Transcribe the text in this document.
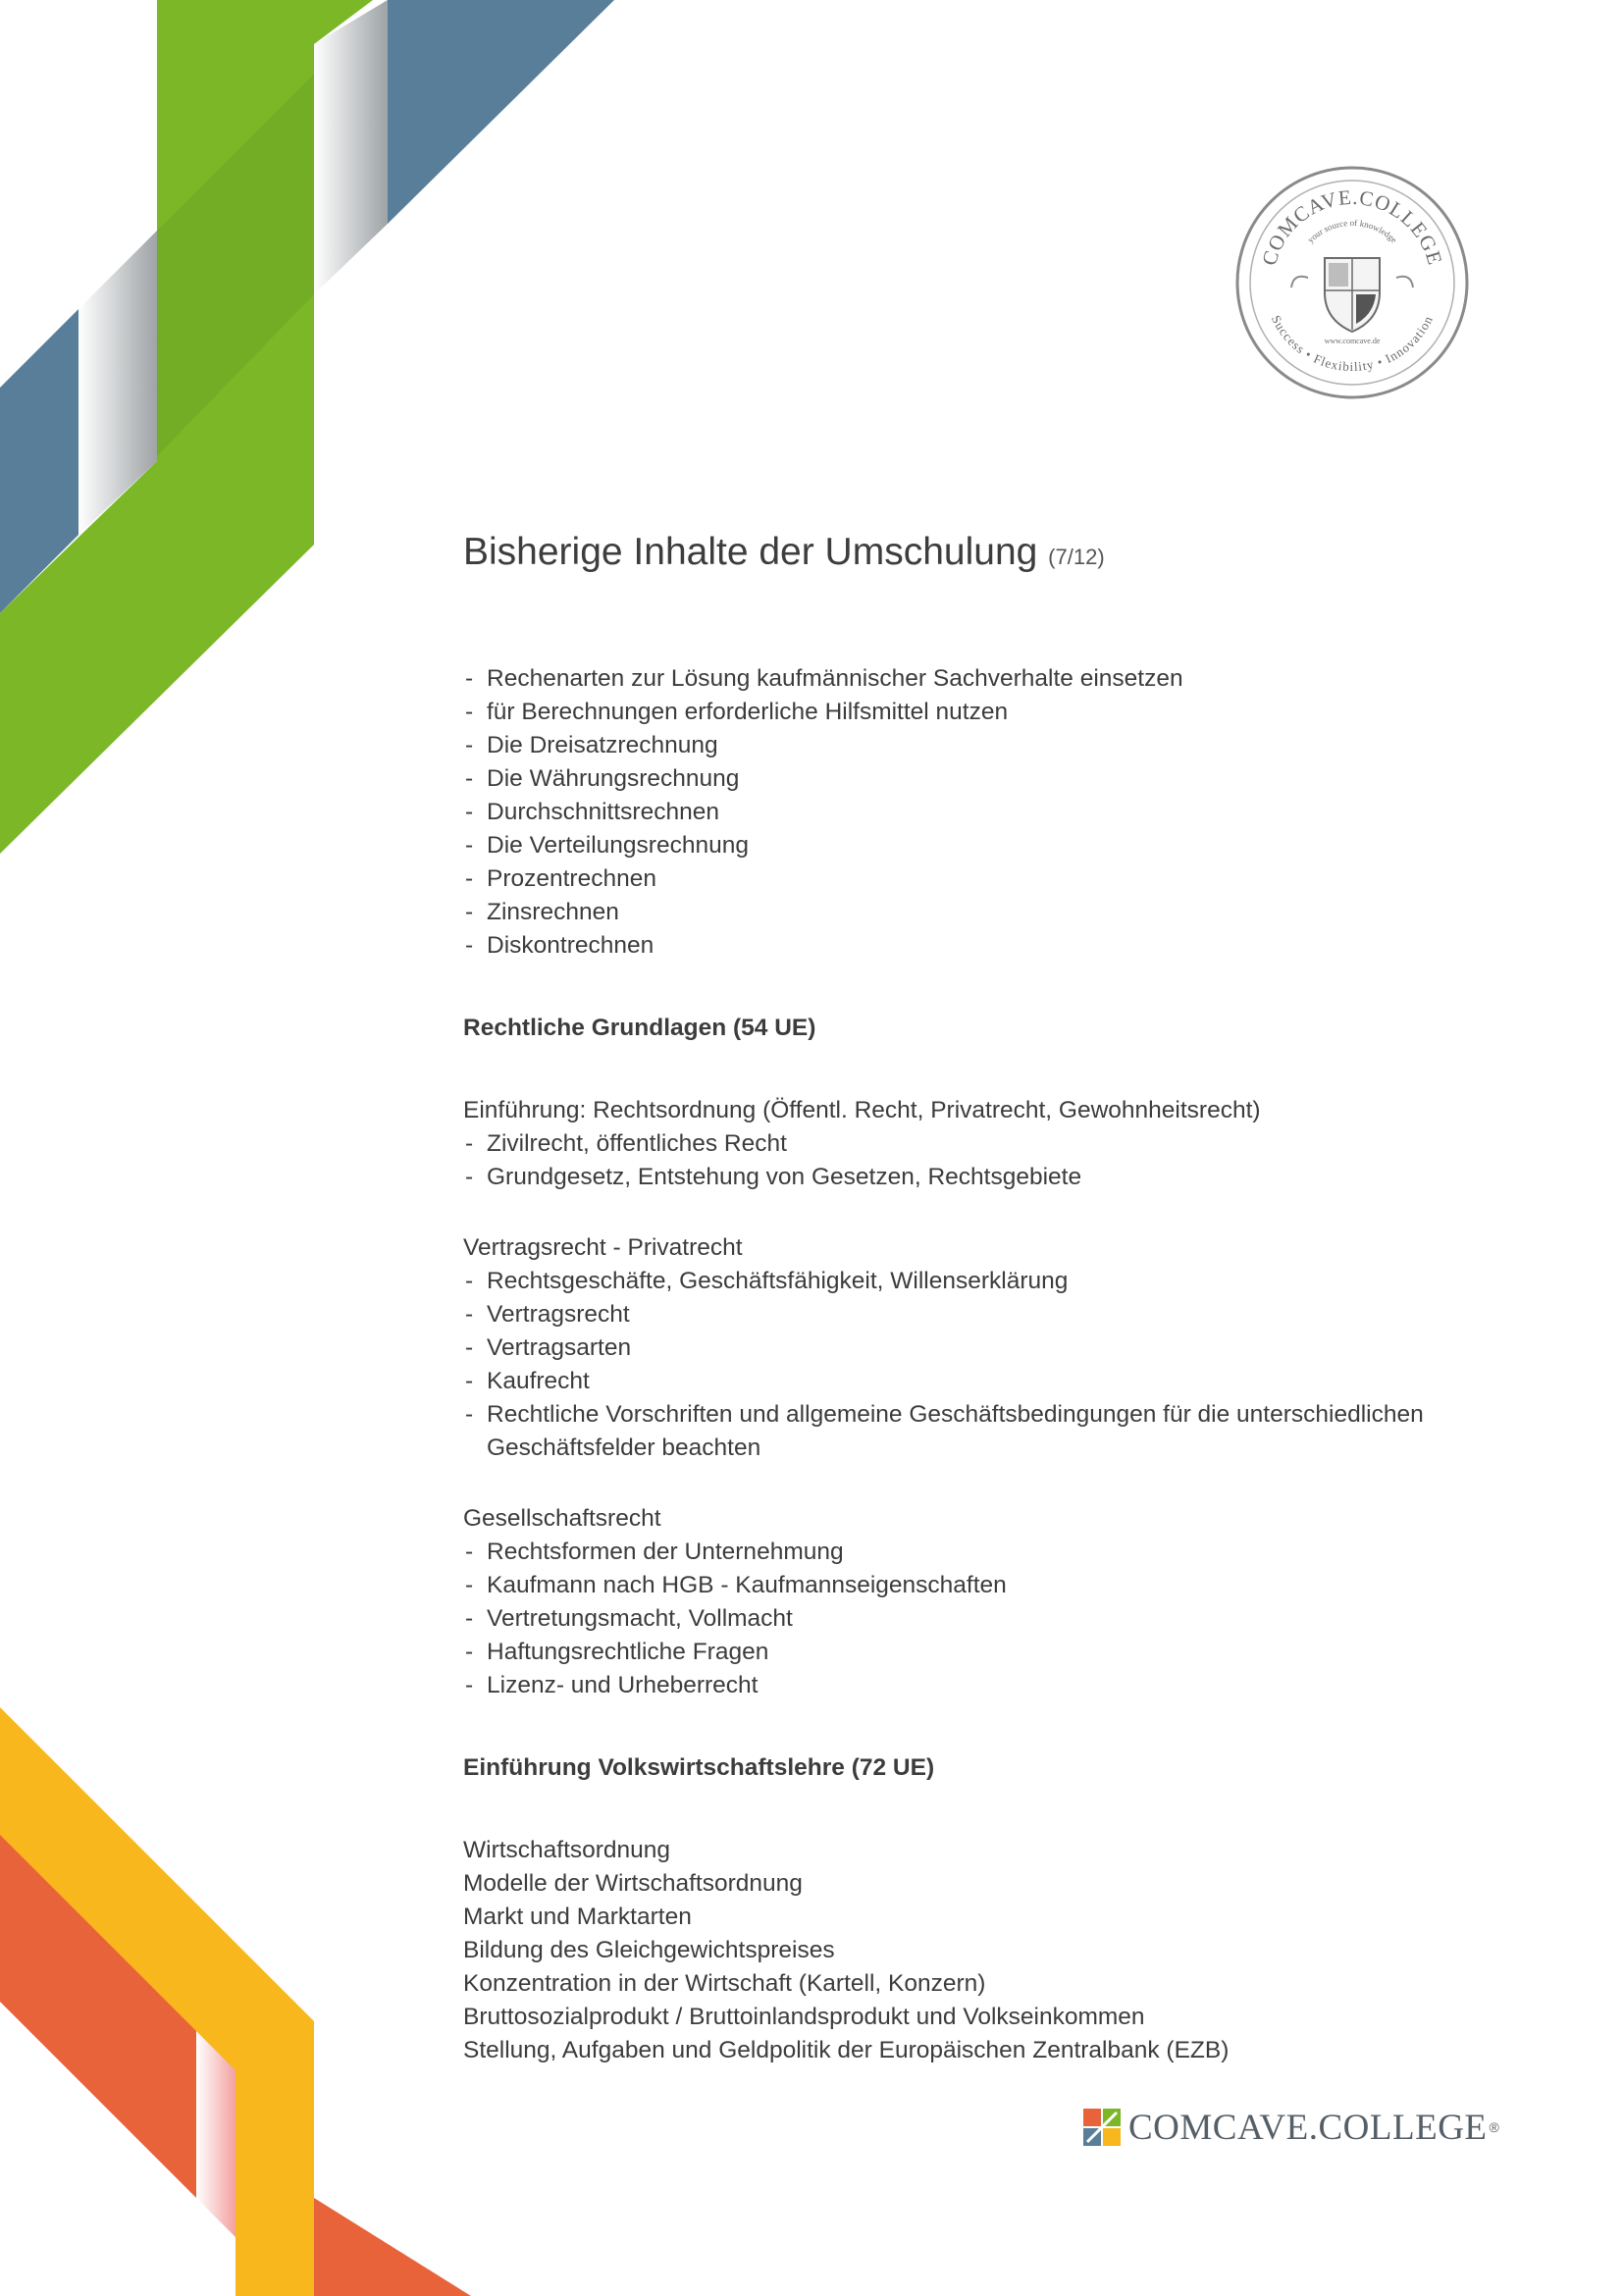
COMCAVE.COLLEGE
your source of knowledge
Success • Flexibility • Innovation
www.comcave.de
Bisherige Inhalte der Umschulung (7/12)
- Rechenarten zur Lösung kaufmännischer Sachverhalte einsetzen
- für Berechnungen erforderliche Hilfsmittel nutzen
- Die Dreisatzrechnung
- Die Währungsrechnung
- Durchschnittsrechnen
- Die Verteilungsrechnung
- Prozentrechnen
- Zinsrechnen
- Diskontrechnen
Rechtliche Grundlagen (54 UE)
Einführung: Rechtsordnung (Öffentl. Recht, Privatrecht, Gewohnheitsrecht)
- Zivilrecht, öffentliches Recht
- Grundgesetz, Entstehung von Gesetzen, Rechtsgebiete
Vertragsrecht - Privatrecht
- Rechtsgeschäfte, Geschäftsfähigkeit, Willenserklärung
- Vertragsrecht
- Vertragsarten
- Kaufrecht
- Rechtliche Vorschriften und allgemeine Geschäftsbedingungen für die unterschiedlichen Geschäftsfelder beachten
Gesellschaftsrecht
- Rechtsformen der Unternehmung
- Kaufmann nach HGB - Kaufmannseigenschaften
- Vertretungsmacht, Vollmacht
- Haftungsrechtliche Fragen
- Lizenz- und Urheberrecht
Einführung Volkswirtschaftslehre (72 UE)
Wirtschaftsordnung
Modelle der Wirtschaftsordnung
Markt und Marktarten
Bildung des Gleichgewichtspreises
Konzentration in der Wirtschaft (Kartell, Konzern)
Bruttosozialprodukt / Bruttoinlandsprodukt und Volkseinkommen
Stellung, Aufgaben und Geldpolitik der Europäischen Zentralbank (EZB)
COMCAVE.COLLEGE ®
